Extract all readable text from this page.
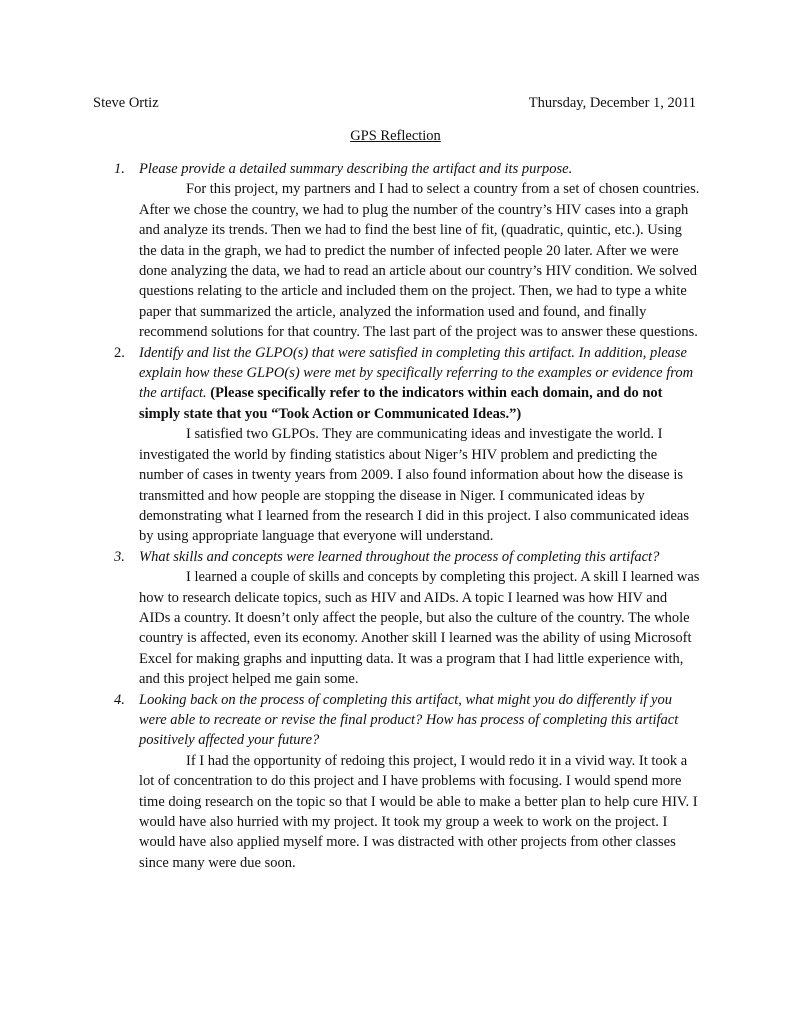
Steve Ortiz	Thursday, December 1, 2011
GPS Reflection
1. Please provide a detailed summary describing the artifact and its purpose.
For this project, my partners and I had to select a country from a set of chosen countries. After we chose the country, we had to plug the number of the country’s HIV cases into a graph and analyze its trends. Then we had to find the best line of fit, (quadratic, quintic, etc.). Using the data in the graph, we had to predict the number of infected people 20 later. After we were done analyzing the data, we had to read an article about our country’s HIV condition. We solved questions relating to the article and included them on the project. Then, we had to type a white paper that summarized the article, analyzed the information used and found, and finally recommend solutions for that country. The last part of the project was to answer these questions.
2. Identify and list the GLPO(s) that were satisfied in completing this artifact. In addition, please explain how these GLPO(s) were met by specifically referring to the examples or evidence from the artifact. (Please specifically refer to the indicators within each domain, and do not simply state that you “Took Action or Communicated Ideas.”)
I satisfied two GLPOs. They are communicating ideas and investigate the world. I investigated the world by finding statistics about Niger’s HIV problem and predicting the number of cases in twenty years from 2009. I also found information about how the disease is transmitted and how people are stopping the disease in Niger. I communicated ideas by demonstrating what I learned from the research I did in this project. I also communicated ideas by using appropriate language that everyone will understand.
3. What skills and concepts were learned throughout the process of completing this artifact?
I learned a couple of skills and concepts by completing this project. A skill I learned was how to research delicate topics, such as HIV and AIDs. A topic I learned was how HIV and AIDs a country. It doesn’t only affect the people, but also the culture of the country. The whole country is affected, even its economy. Another skill I learned was the ability of using Microsoft Excel for making graphs and inputting data. It was a program that I had little experience with, and this project helped me gain some.
4. Looking back on the process of completing this artifact, what might you do differently if you were able to recreate or revise the final product? How has process of completing this artifact positively affected your future?
If I had the opportunity of redoing this project, I would redo it in a vivid way. It took a lot of concentration to do this project and I have problems with focusing. I would spend more time doing research on the topic so that I would be able to make a better plan to help cure HIV. I would have also hurried with my project. It took my group a week to work on the project. I would have also applied myself more. I was distracted with other projects from other classes since many were due soon.
